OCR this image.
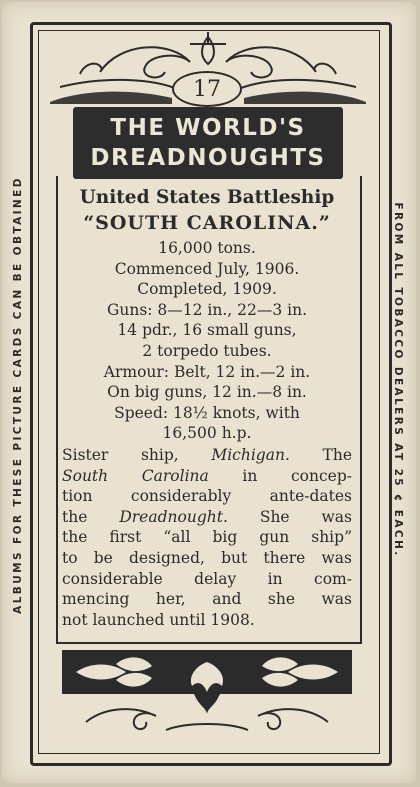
ALBUMS FOR THESE PICTURE CARDS CAN BE OBTAINED	FROM ALL TOBACCO DEALERS AT 25 ¢ EACH.
17
THE WORLD'S
DREADNOUGHTS
United States Battleship
“SOUTH CAROLINA.”
16,000 tons.
Commenced July, 1906.
Completed, 1909.
Guns: 8—12 in., 22—3 in.
14 pdr., 16 small guns,
2 torpedo tubes.
Armour: Belt, 12 in.—2 in.
On big guns, 12 in.—8 in.
Speed: 18½ knots, with
16,500 h.p.
Sister ship, Michigan. The
South Carolina in concep-
tion considerably ante-dates
the Dreadnought. She was
the first “all big gun ship”
to be designed, but there was
considerable delay in com-
mencing her, and she was
not launched until 1908.
